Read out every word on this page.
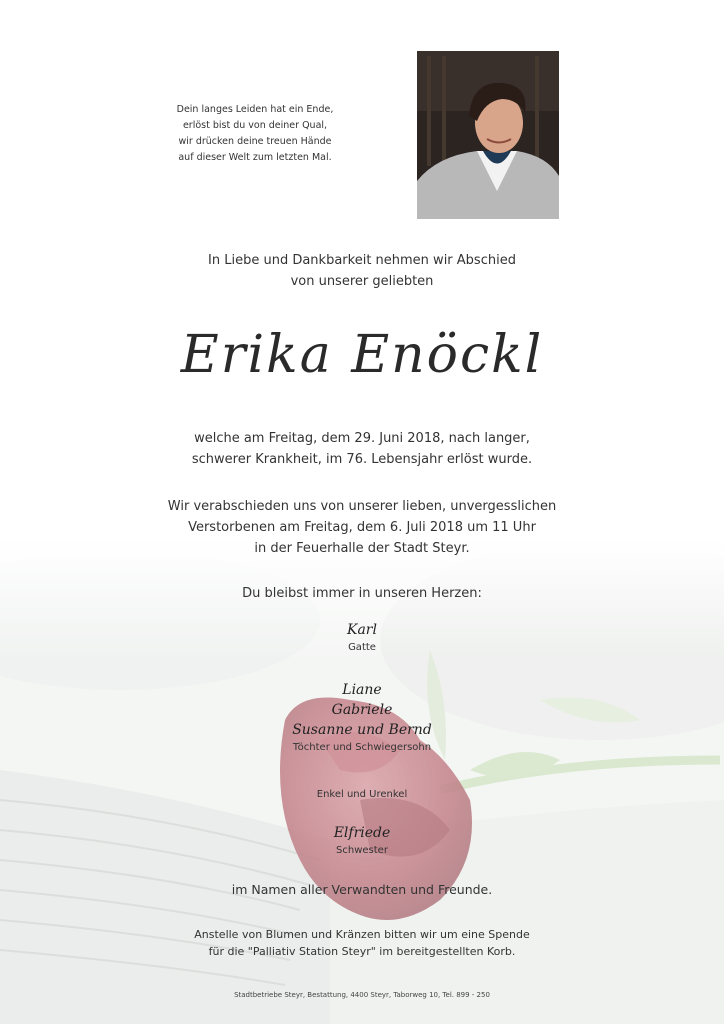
Dein langes Leiden hat ein Ende,
erlöst bist du von deiner Qual,
wir drücken deine treuen Hände
auf dieser Welt zum letzten Mal.
In Liebe und Dankbarkeit nehmen wir Abschied
von unserer geliebten
Erika Enöckl
welche am Freitag, dem 29. Juni 2018, nach langer,
schwerer Krankheit, im 76. Lebensjahr erlöst wurde.
Wir verabschieden uns von unserer lieben, unvergesslichen
Verstorbenen am Freitag, dem 6. Juli 2018 um 11 Uhr
in der Feuerhalle der Stadt Steyr.
Du bleibst immer in unseren Herzen:
Karl
Gatte
Liane
Gabriele
Susanne und Bernd
Töchter und Schwiegersohn
Enkel und Urenkel
Elfriede
Schwester
im Namen aller Verwandten und Freunde.
Anstelle von Blumen und Kränzen bitten wir um eine Spende
für die "Palliativ Station Steyr" im bereitgestellten Korb.
Stadtbetriebe Steyr, Bestattung, 4400 Steyr, Taborweg 10, Tel. 899 - 250
